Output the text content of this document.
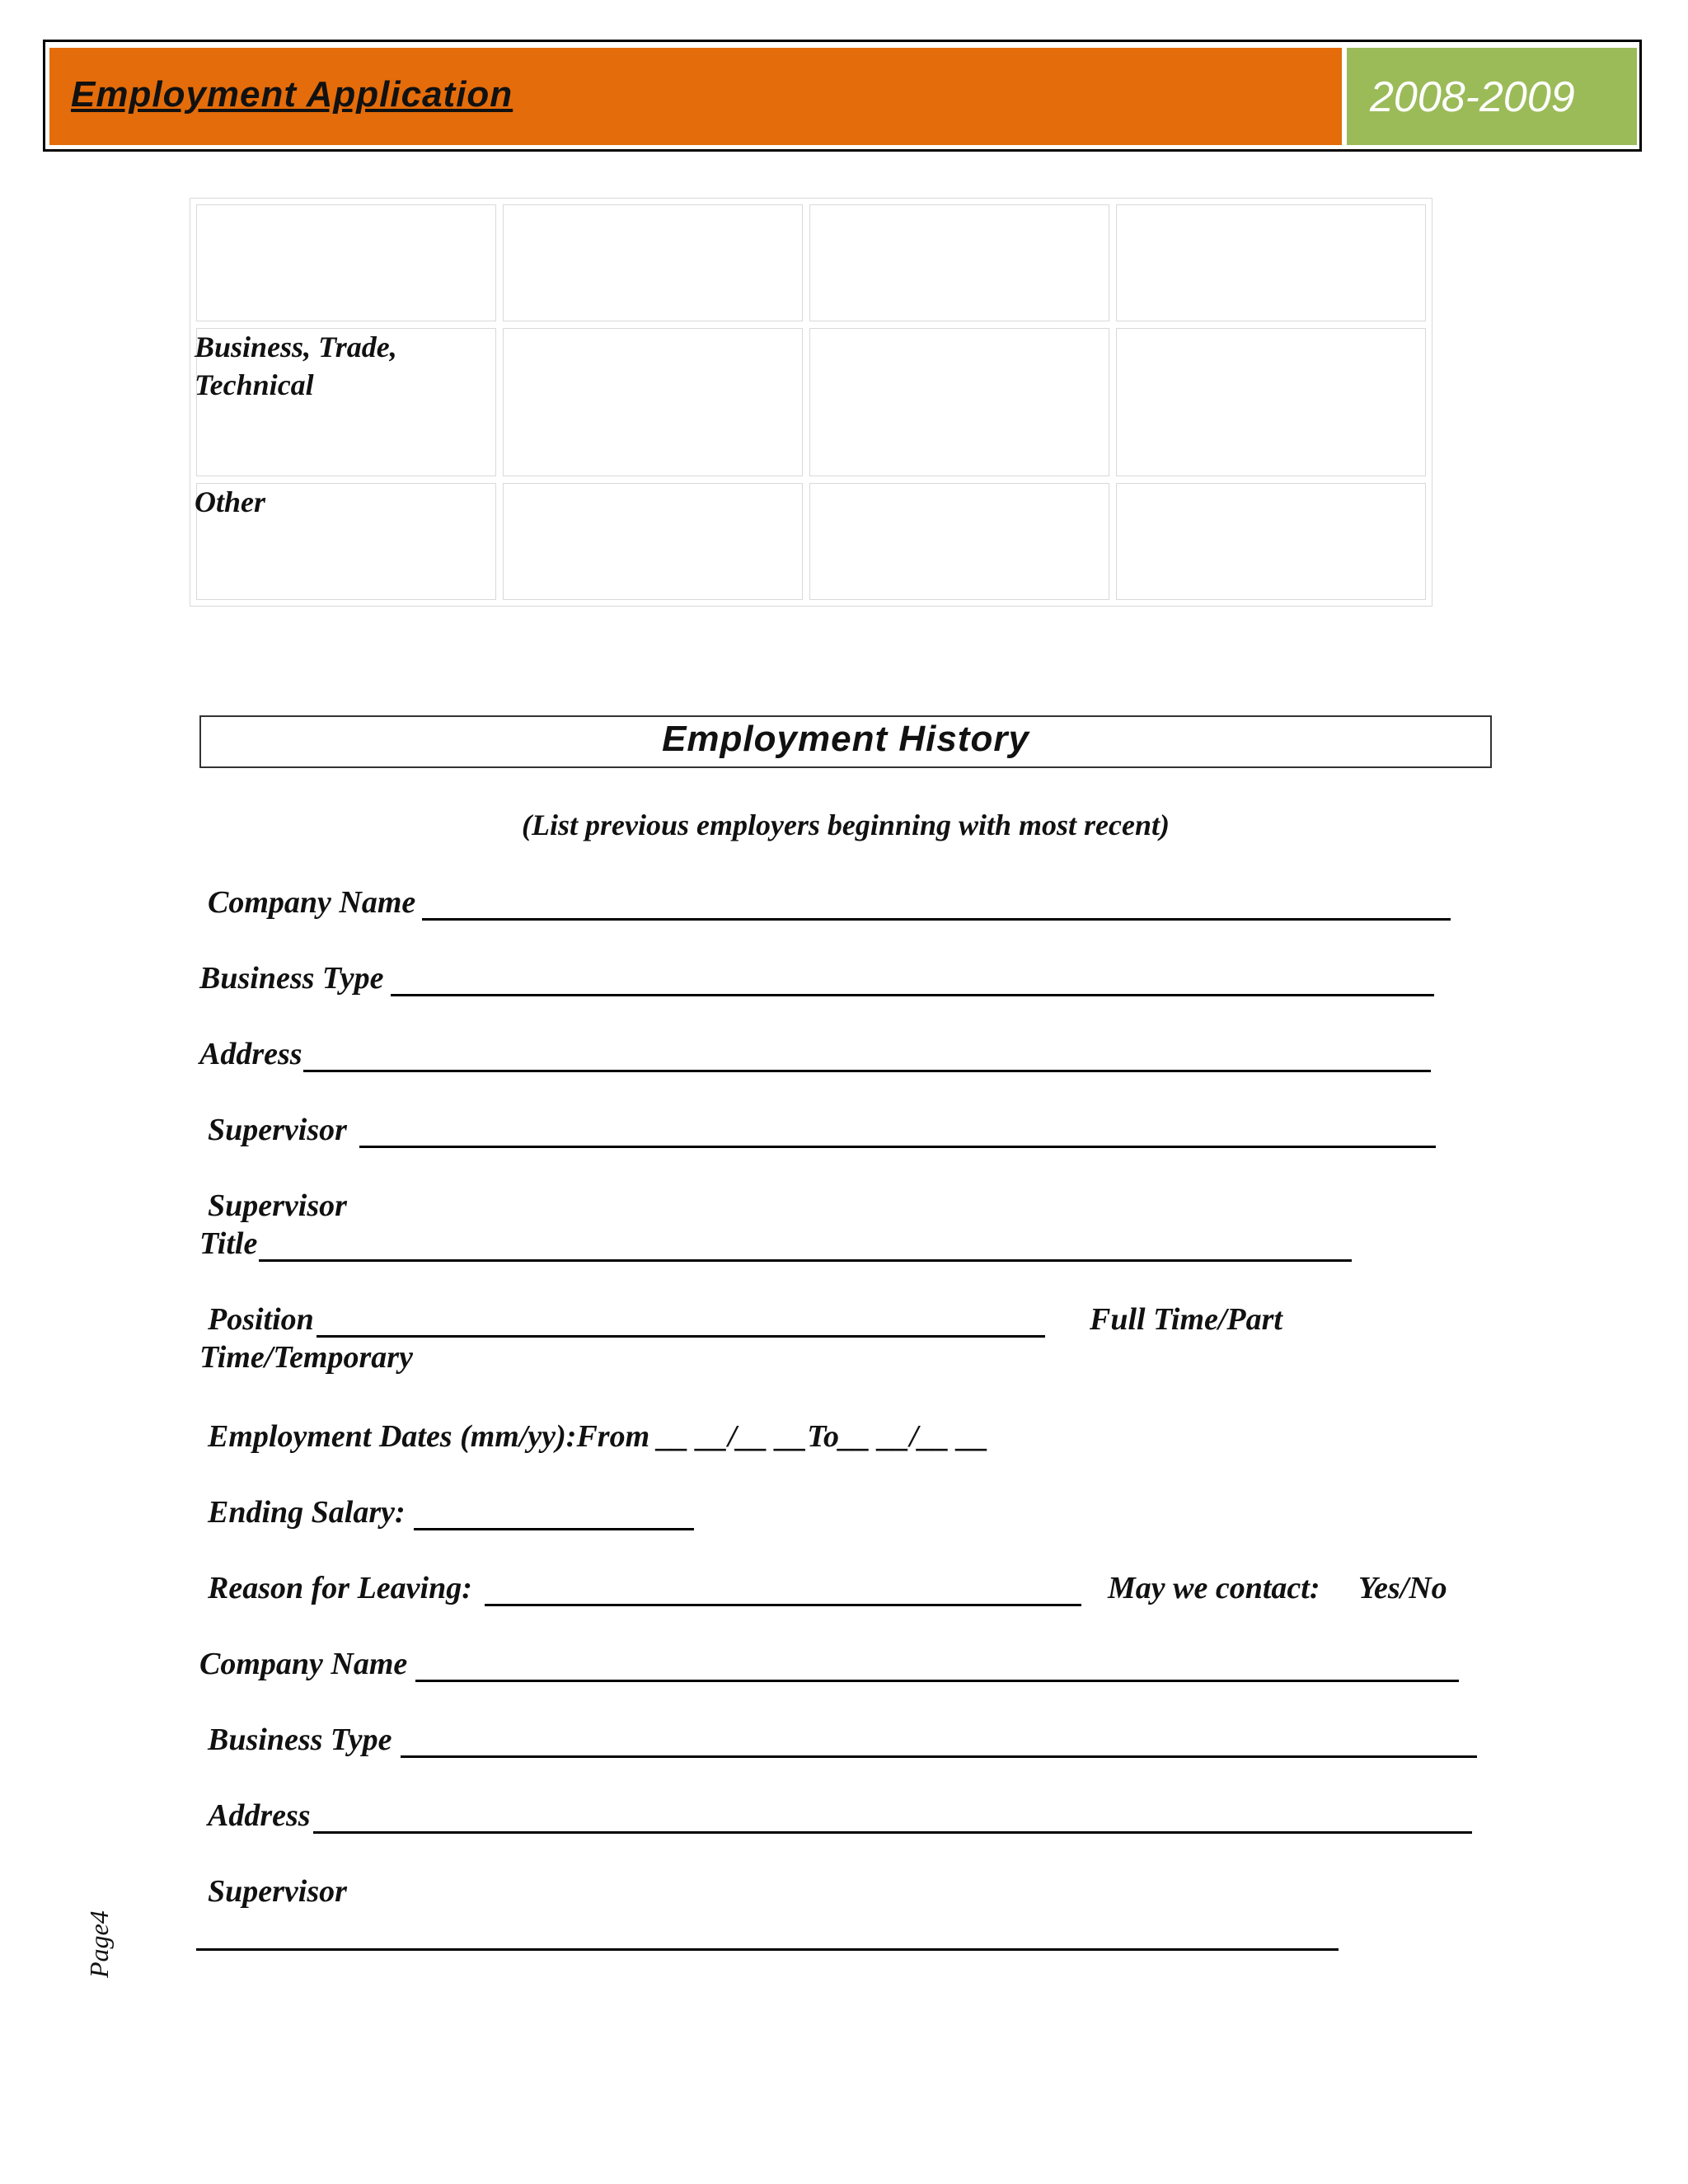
Employment Application	2008-2009
Business, Trade, Technical
Other
Employment History
(List previous employers beginning with most recent)
Company Name
Business Type
Address
Supervisor
Supervisor
Title
Position	Full Time/Part
Time/Temporary
Employment Dates (mm/yy):From __ __/__ __To__ __/__ __
Ending Salary:
Reason for Leaving:	May we contact: Yes/No
Company Name
Business Type
Address
Supervisor
Page4
